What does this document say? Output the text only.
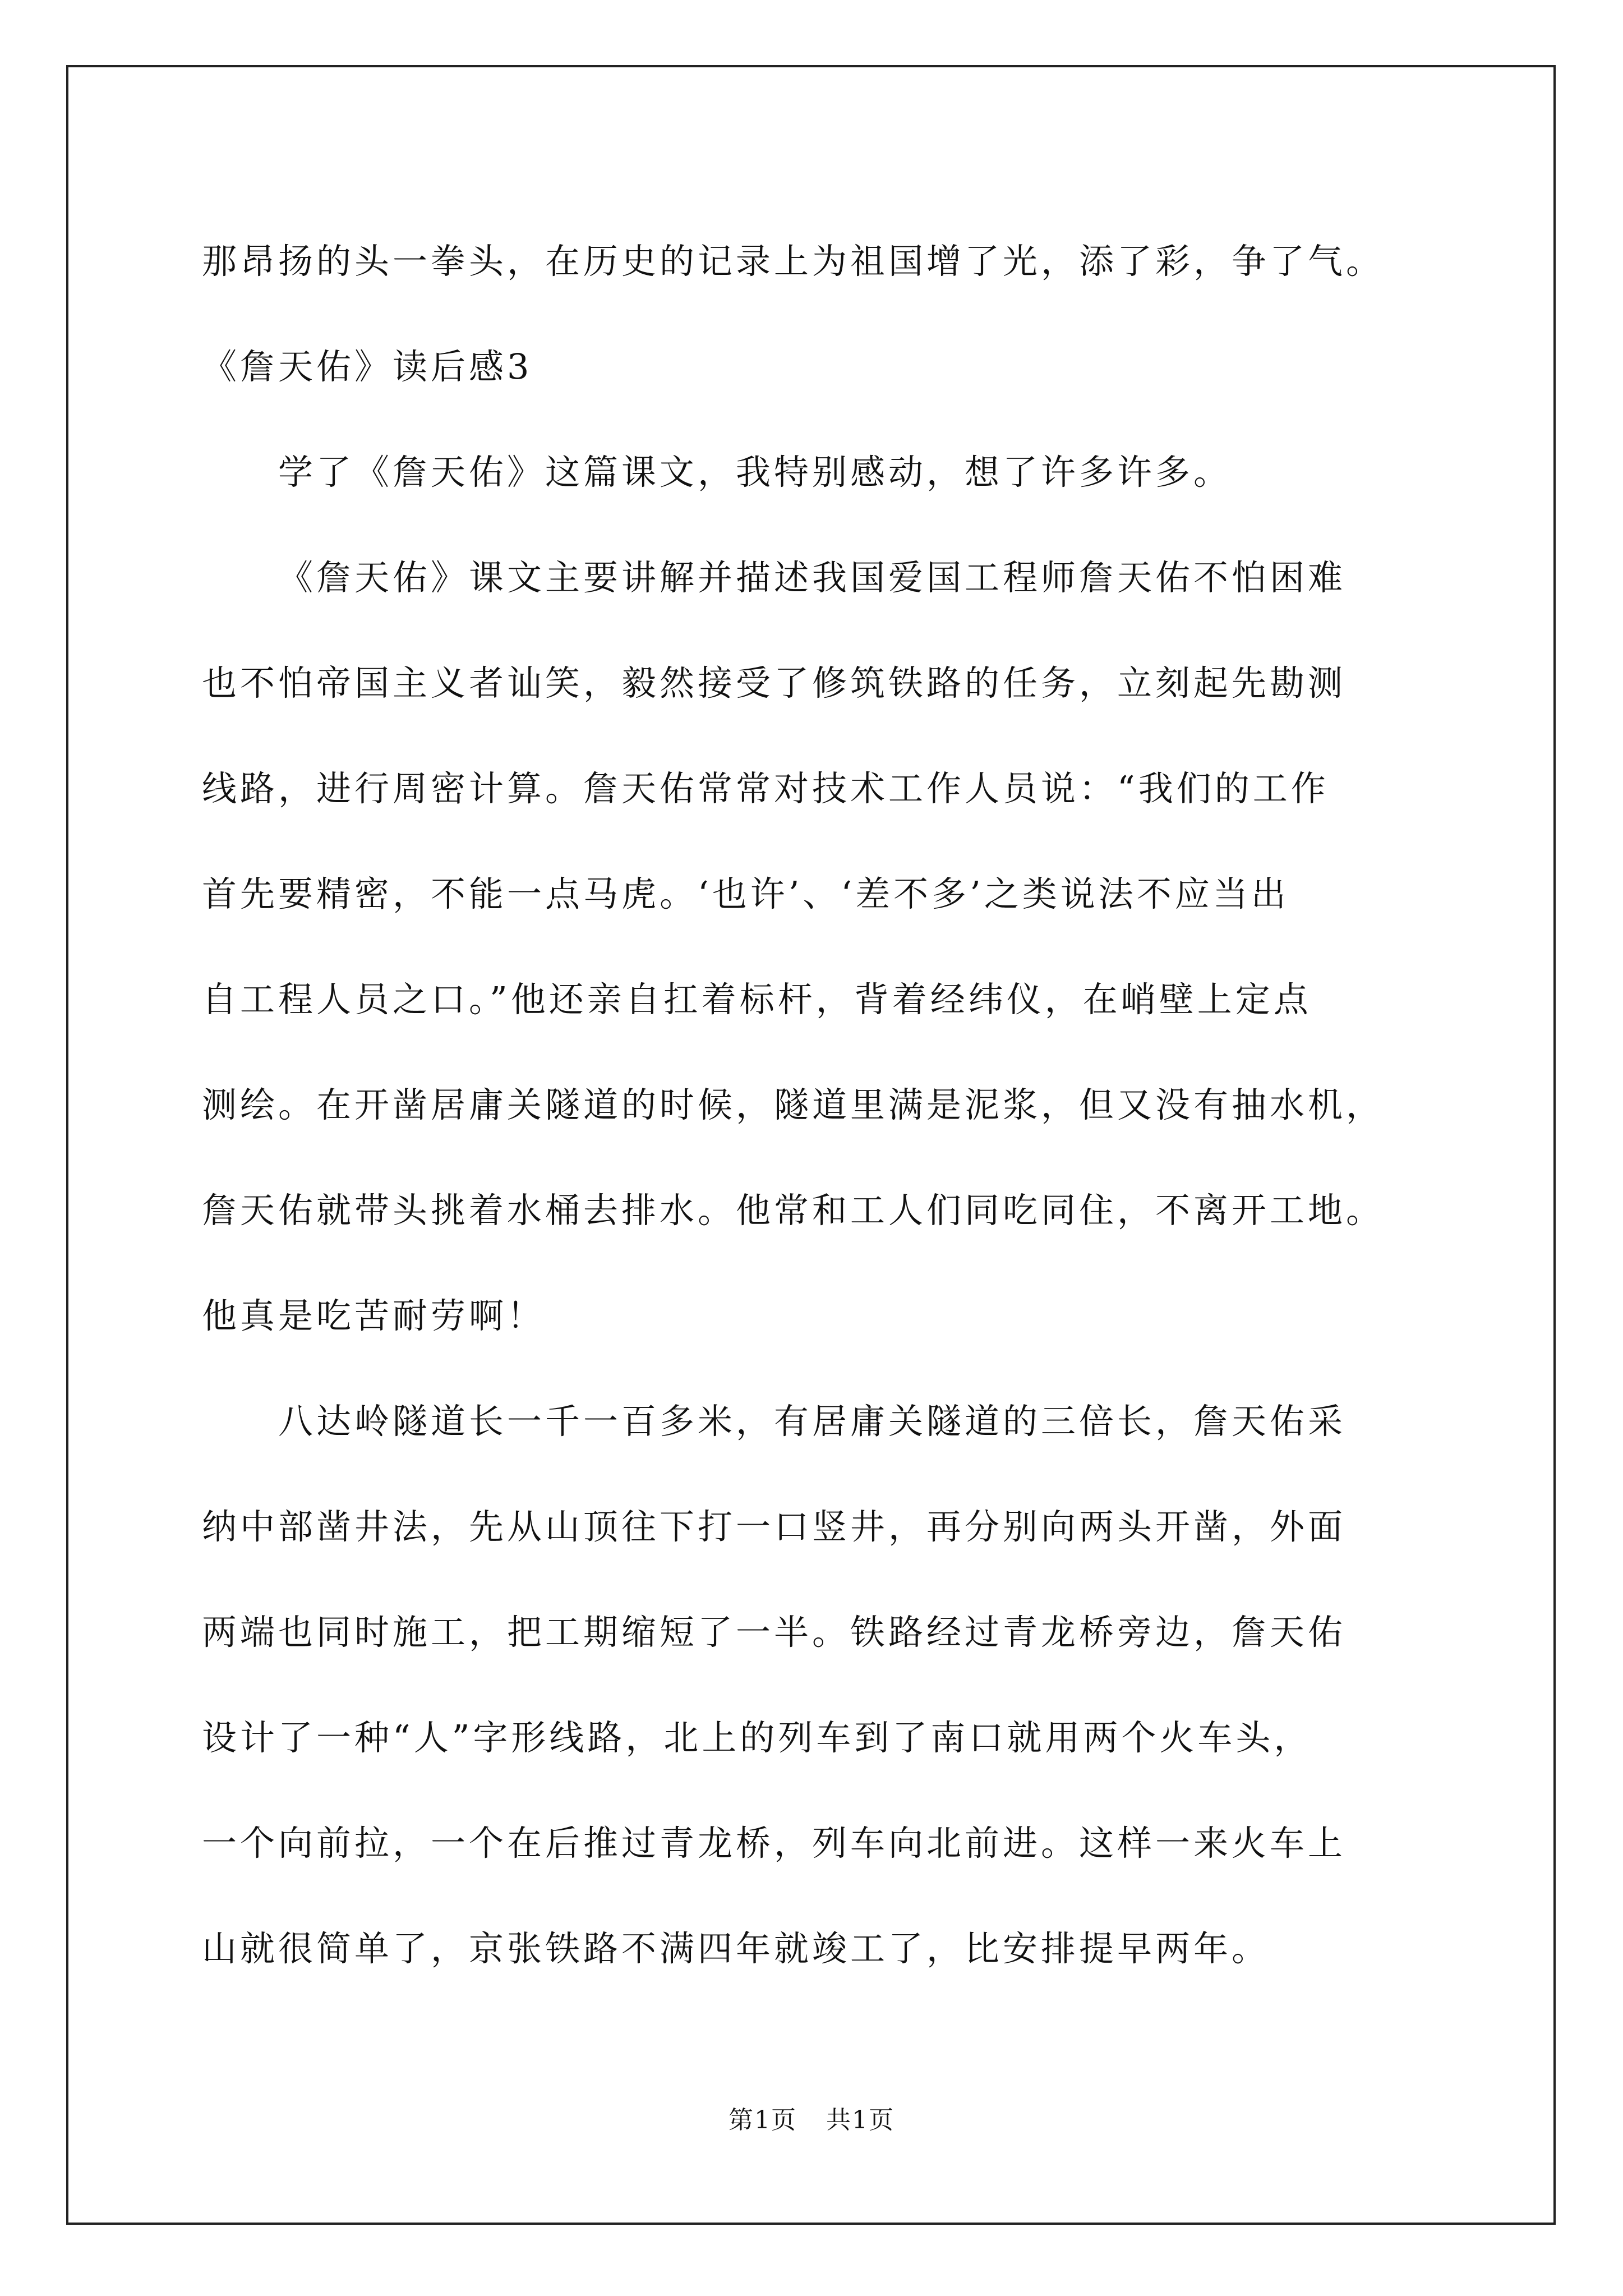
那昂扬的头一拳头，在历史的记录上为祖国增了光，添了彩，争了气。
《詹天佑》读后感3
学了《詹天佑》这篇课文，我特别感动，想了许多许多。
《詹天佑》课文主要讲解并描述我国爱国工程师詹天佑不怕困难
也不怕帝国主义者讪笑，毅然接受了修筑铁路的任务，立刻起先勘测
线路，进行周密计算。詹天佑常常对技术工作人员说：“我们的工作
首先要精密，不能一点马虎。‘也许’、‘差不多’之类说法不应当出
自工程人员之口。”他还亲自扛着标杆，背着经纬仪，在峭壁上定点
测绘。在开凿居庸关隧道的时候，隧道里满是泥浆，但又没有抽水机，
詹天佑就带头挑着水桶去排水。他常和工人们同吃同住，不离开工地。
他真是吃苦耐劳啊！
八达岭隧道长一千一百多米，有居庸关隧道的三倍长，詹天佑采
纳中部凿井法，先从山顶往下打一口竖井，再分别向两头开凿，外面
两端也同时施工，把工期缩短了一半。铁路经过青龙桥旁边，詹天佑
设计了一种“人”字形线路，北上的列车到了南口就用两个火车头，
一个向前拉，一个在后推过青龙桥，列车向北前进。这样一来火车上
山就很简单了，京张铁路不满四年就竣工了，比安排提早两年。
第1页 共1页
